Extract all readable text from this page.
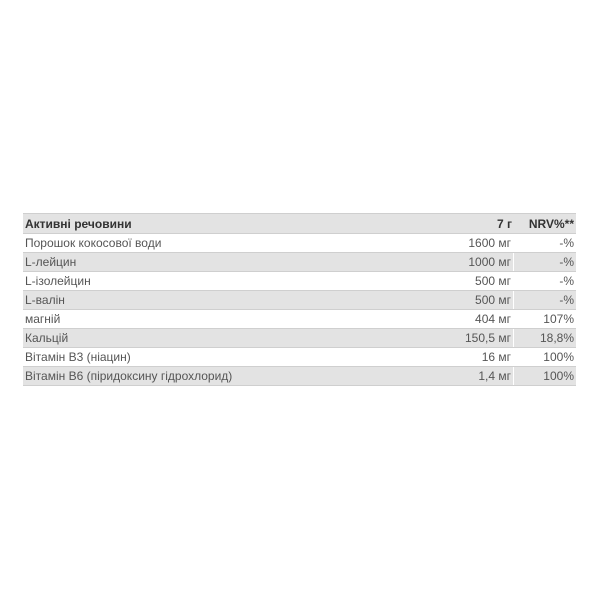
Активні речовини	7 г	NRV%**
Порошок кокосової води	1600 мг	-%
L-лейцин	1000 мг	-%
L-ізолейцин	500 мг	-%
L-валін	500 мг	-%
магній	404 мг	107%
Кальцій	150,5 мг	18,8%
Вітамін B3 (ніацин)	16 мг	100%
Вітамін B6 (піридоксину гідрохлорид)	1,4 мг	100%
